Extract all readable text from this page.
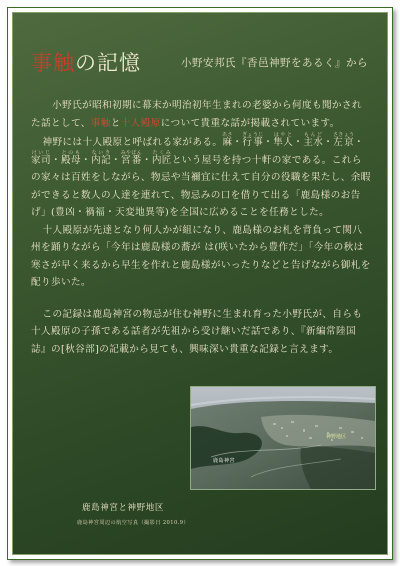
事触の記憶	小野安邦氏『香邑神野をあるく』から

小野氏が昭和初期に幕末か明治初年生まれの老婆から何度も聞かされた話として、事触と十人殿原について貴重な話が掲載されています。

神野には十人殿原と呼ばれる家がある。麻あさ・行事ぎょうじ・隼人はやと・主水もんど・左京さきょう・家司けいじ・殿母とのも・内記ないき・宮番みやばん・内匠たくみという屋号を持つ十軒の家である。これらの家々は百姓をしながら、物忌や当禰宜に仕えて自分の役職を果たし、余暇ができると数人の人達を連れて、物忌みの口を借りて出る「鹿島様のお告げ」(豊凶・禍福・天変地異等)を全国に広めることを任務とした。

十人殿原が先達となり何人かが組になり、鹿島様のお札を背負って関八州を踊りながら「今年は鹿島様の蕎が は(咲いたから豊作だ」「今年の秋は寒さが早く来るから早生を作れと鹿島様がいったりなどと告げながら御札を配り歩いた。

この記録は鹿島神宮の物忌が住む神野に生まれ育った小野氏が、自らも十人殿原の子孫である話者が先祖から受け継いだ話であり、『新編常陸国誌』の[秋谷部]の記載から見ても、興味深い貴重な記録と言えます。

鹿島神宮
神野地区
鹿島神宮と神野地区
鹿島神宮周辺の航空写真（撮影日 2010.9）
